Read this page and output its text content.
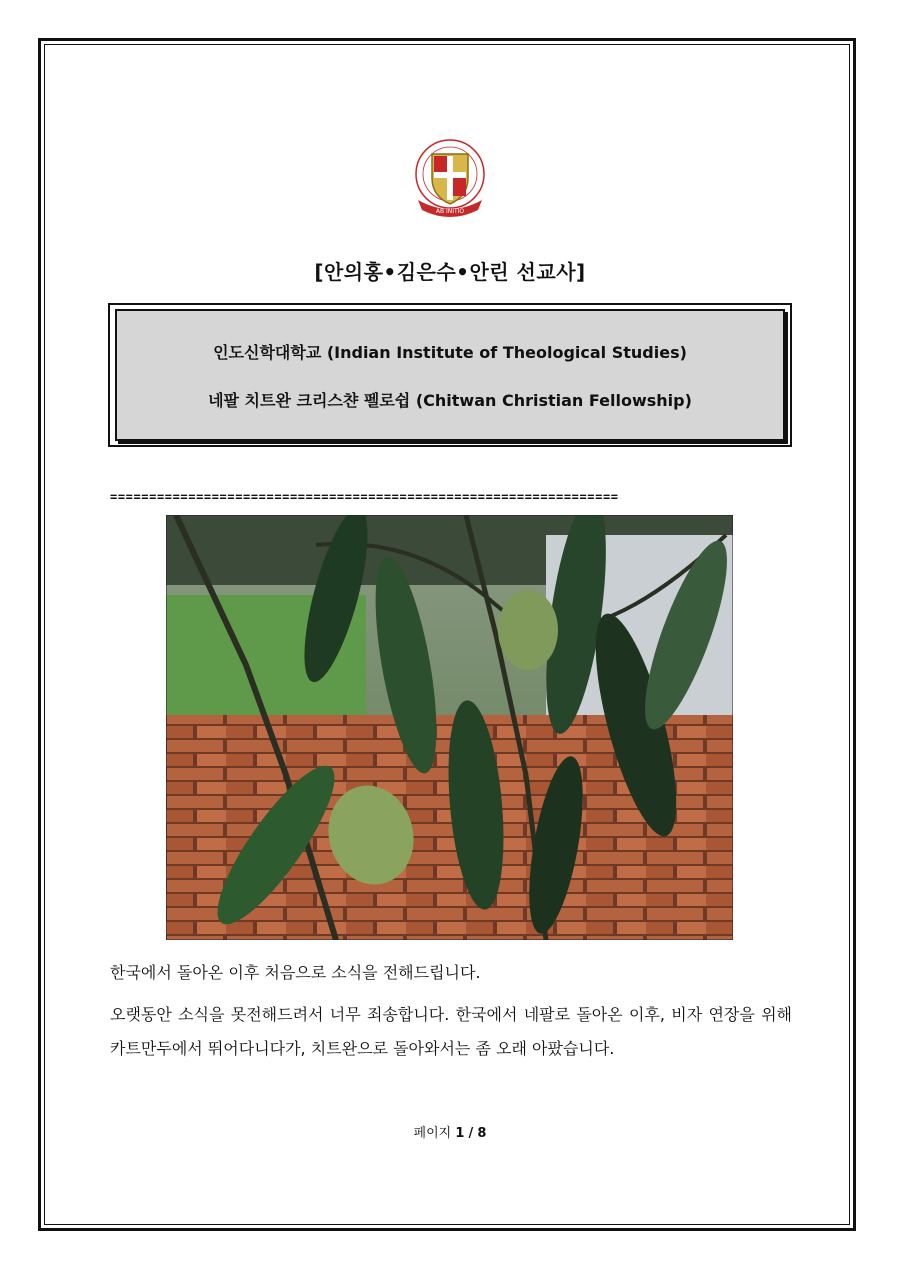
AB INITIO
[안의홍•김은수•안린 선교사]
인도신학대학교 (Indian Institute of Theological Studies)
네팔 치트완 크리스챤 펠로쉽 (Chitwan Christian Fellowship)
=================================================================
한국에서 돌아온 이후 처음으로 소식을 전해드립니다.
오랫동안 소식을 못전해드려서 너무 죄송합니다. 한국에서 네팔로 돌아온 이후, 비자 연장을 위해 카트만두에서 뛰어다니다가, 치트완으로 돌아와서는 좀 오래 아팠습니다.
페이지 1 / 8
